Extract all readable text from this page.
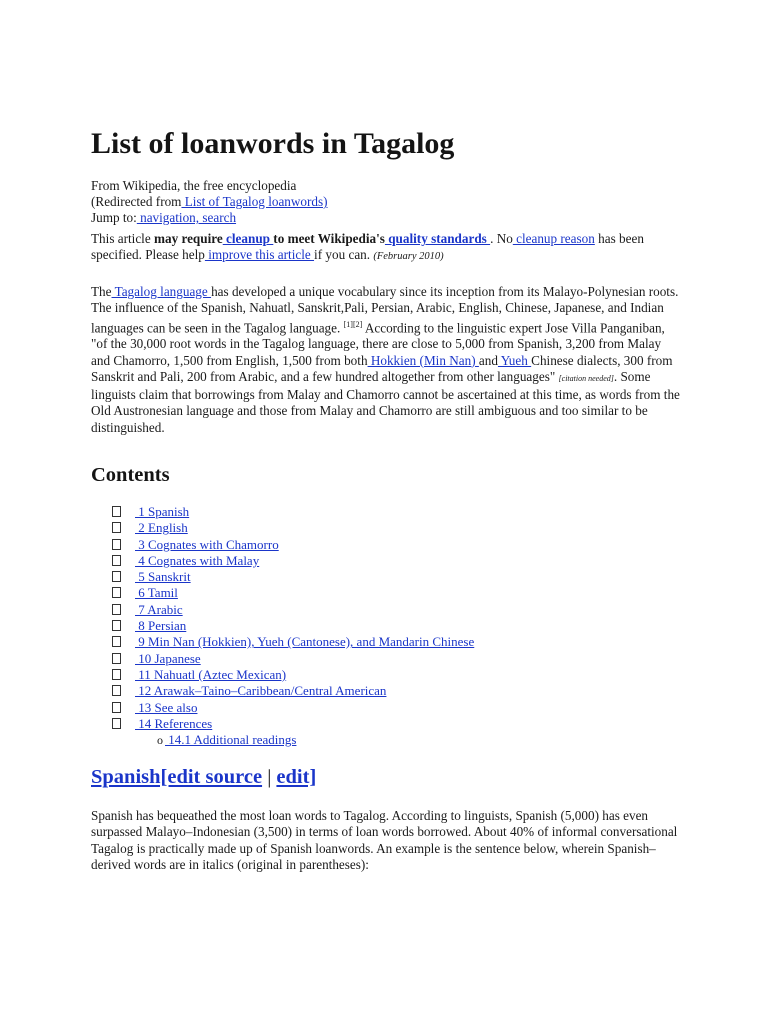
List of loanwords in Tagalog
From Wikipedia, the free encyclopedia
(Redirected from List of Tagalog loanwords)
Jump to: navigation, search

This article may require cleanup to meet Wikipedia's quality standards . No cleanup reason has been specified. Please help improve this article if you can. (February 2010)

The Tagalog language has developed a unique vocabulary since its inception from its Malayo-Polynesian roots. The influence of the Spanish, Nahuatl, Sanskrit,Pali, Persian, Arabic, English, Chinese, Japanese, and Indian languages can be seen in the Tagalog language. [1][2] According to the linguistic expert Jose Villa Panganiban, "of the 30,000 root words in the Tagalog language, there are close to 5,000 from Spanish, 3,200 from Malay and Chamorro, 1,500 from English, 1,500 from both Hokkien (Min Nan) and Yueh Chinese dialects, 300 from Sanskrit and Pali, 200 from Arabic, and a few hundred altogether from other languages" [citation needed]. Some linguists claim that borrowings from Malay and Chamorro cannot be ascertained at this time, as words from the Old Austronesian language and those from Malay and Chamorro are still ambiguous and too similar to be distinguished.

Contents
1 Spanish
2 English
3 Cognates with Chamorro
4 Cognates with Malay
5 Sanskrit
6 Tamil
7 Arabic
8 Persian
9 Min Nan (Hokkien), Yueh (Cantonese), and Mandarin Chinese
10 Japanese
11 Nahuatl (Aztec Mexican)
12 Arawak–Taino–Caribbean/Central American
13 See also
14 References
o 14.1 Additional readings
Spanish[edit source | edit]

Spanish has bequeathed the most loan words to Tagalog. According to linguists, Spanish (5,000) has even surpassed Malayo–Indonesian (3,500) in terms of loan words borrowed. About 40% of informal conversational Tagalog is practically made up of Spanish loanwords. An example is the sentence below, wherein Spanish–derived words are in italics (original in parentheses):
